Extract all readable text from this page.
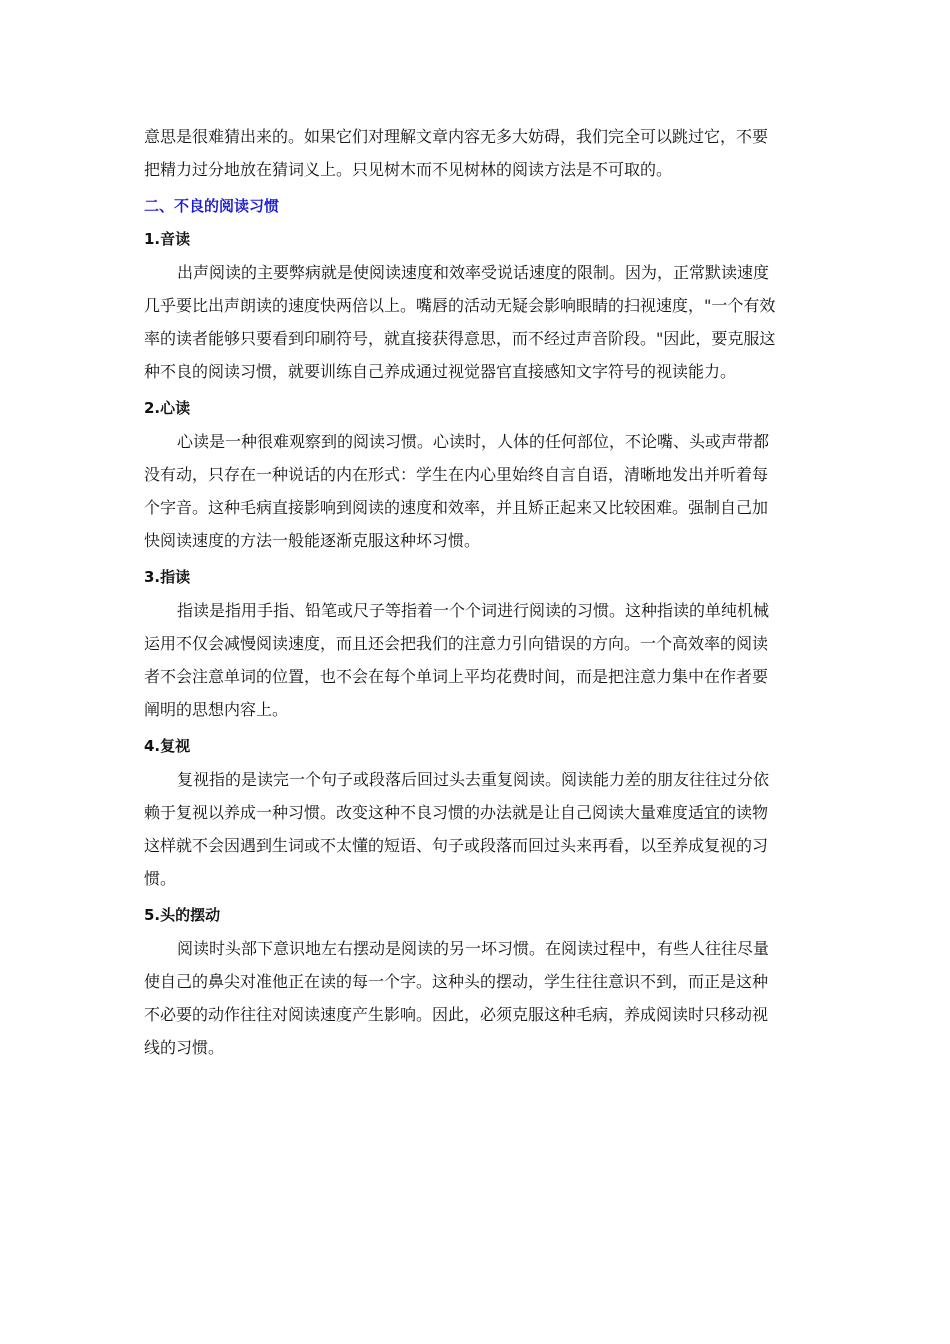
意思是很难猜出来的。如果它们对理解文章内容无多大妨碍，我们完全可以跳过它，不要

把精力过分地放在猜词义上。只见树木而不见树林的阅读方法是不可取的。

二、不良的阅读习惯
1.音读

出声阅读的主要弊病就是使阅读速度和效率受说话速度的限制。因为，正常默读速度

几乎要比出声朗读的速度快两倍以上。嘴唇的活动无疑会影响眼睛的扫视速度，"一个有效

率的读者能够只要看到印刷符号，就直接获得意思，而不经过声音阶段。"因此，要克服这

种不良的阅读习惯，就要训练自己养成通过视觉器官直接感知文字符号的视读能力。

2.心读

心读是一种很难观察到的阅读习惯。心读时，人体的任何部位，不论嘴、头或声带都

没有动，只存在一种说话的内在形式：学生在内心里始终自言自语，清晰地发出并听着每

个字音。这种毛病直接影响到阅读的速度和效率，并且矫正起来又比较困难。强制自己加

快阅读速度的方法一般能逐渐克服这种坏习惯。

3.指读

指读是指用手指、铅笔或尺子等指着一个个词进行阅读的习惯。这种指读的单纯机械

运用不仅会减慢阅读速度，而且还会把我们的注意力引向错误的方向。一个高效率的阅读

者不会注意单词的位置，也不会在每个单词上平均花费时间，而是把注意力集中在作者要

阐明的思想内容上。

4.复视

复视指的是读完一个句子或段落后回过头去重复阅读。阅读能力差的朋友往往过分依

赖于复视以养成一种习惯。改变这种不良习惯的办法就是让自己阅读大量难度适宜的读物

这样就不会因遇到生词或不太懂的短语、句子或段落而回过头来再看，以至养成复视的习

惯。

5.头的摆动

阅读时头部下意识地左右摆动是阅读的另一坏习惯。在阅读过程中，有些人往往尽量

使自己的鼻尖对准他正在读的每一个字。这种头的摆动，学生往往意识不到，而正是这种

不必要的动作往往对阅读速度产生影响。因此，必须克服这种毛病，养成阅读时只移动视

线的习惯。
